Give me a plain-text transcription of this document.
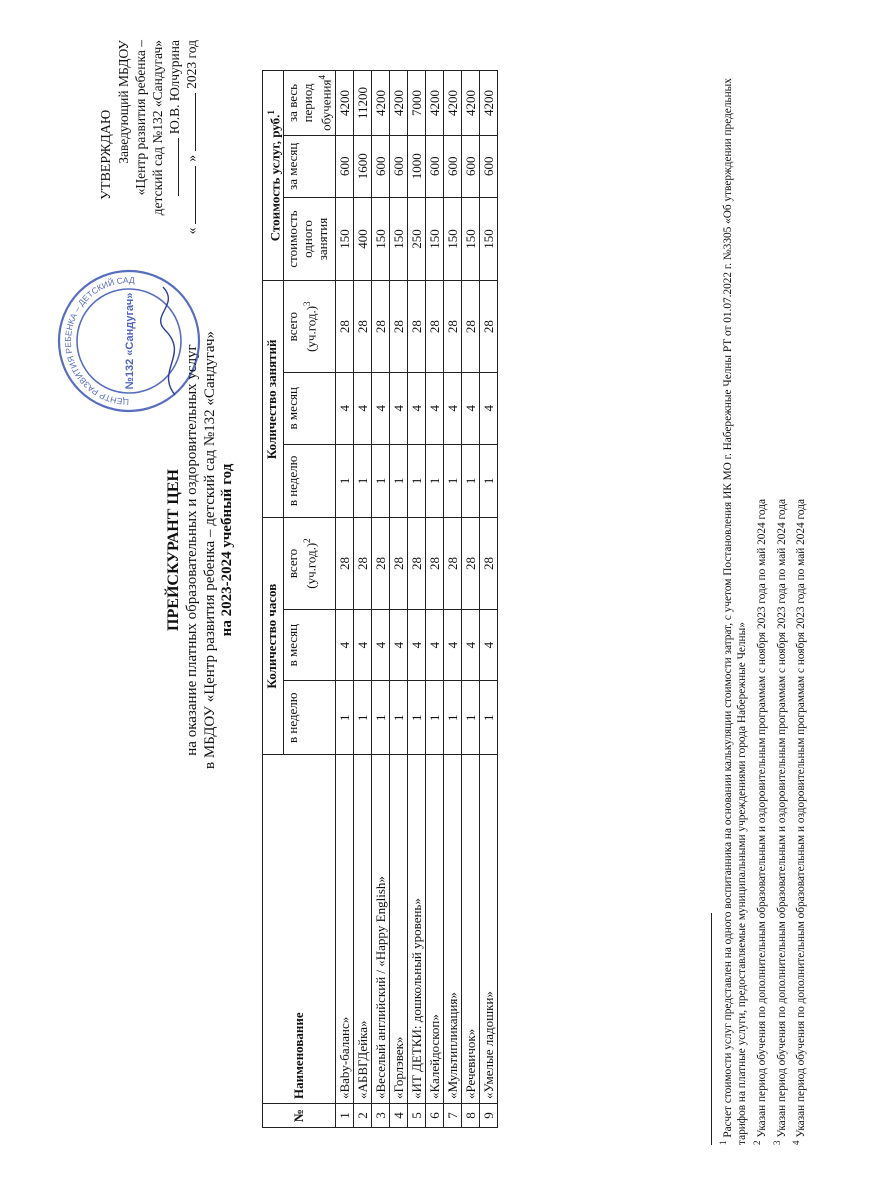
УТВЕРЖДАЮ Заведующий МБДОУ «Центр развития ребенка – детский сад №132 «Сандугач» Ю.В. Юлчурина
«»2023 год
ЦЕНТР РАЗВИТИЯ РЕБЕНКА – ДЕТСКИЙ САД
№132 «Сандугач»
ПРЕЙСКУРАНТ ЦЕН на оказание платных образовательных и оздоровительных услуг в МБДОУ «Центр развития ребенка – детский сад №132 «Сандугач» на 2023-2024 учебный год
№	Наименование	Количество часов			Количество занятий			Стоимость услуг, руб.$^1$
		в неделю	в месяц	всего $(уч.год.)^2$	в неделю	в месяц	всего $(уч.год.)^3$	стоимость одного занятия	за месяц	за весь период обучения$^4$
1	«Baby-баланс»	1	4	28	1	4	28	150	600	4200
2	«АБВГДейка»	1	4	28	1	4	28	400	1600	11200
3	«Веселый английский / «Happy English»	1	4	28	1	4	28	150	600	4200
4	«Горлэвек»	1	4	28	1	4	28	150	600	4200
5	«ИТ ДЕТКИ: дошкольный уровень»	1	4	28	1	4	28	250	1000	7000
6	«Калейдоскоп»	1	4	28	1	4	28	150	600	4200
7	«Мультипликация»	1	4	28	1	4	28	150	600	4200
8	«Речевичок»	1	4	28	1	4	28	150	600	4200
9	«Умелые ладошки»	1	4	28	1	4	28	150	600	4200

$^1$ Расчет стоимости услуг представлен на одного воспитанника на основании калькуляции стоимости затрат, с учетом Постановления ИК МО г. Набережные Челны РТ от 01.07.2022 г. №3305 «Об утверждении предельных тарифов на платные услуги, предоставляемые муниципальными учреждениями города Набережные Челны» $^2$ Указан период обучения по дополнительным образовательным и оздоровительным программам с ноября 2023 года по май 2024 года

$^3$ Указан период обучения по дополнительным образовательным и оздоровительным программам с ноября 2023 года по май 2024 года

$^4$ Указан период обучения по дополнительным образовательным и оздоровительным программам с ноября 2023 года по май 2024 года
